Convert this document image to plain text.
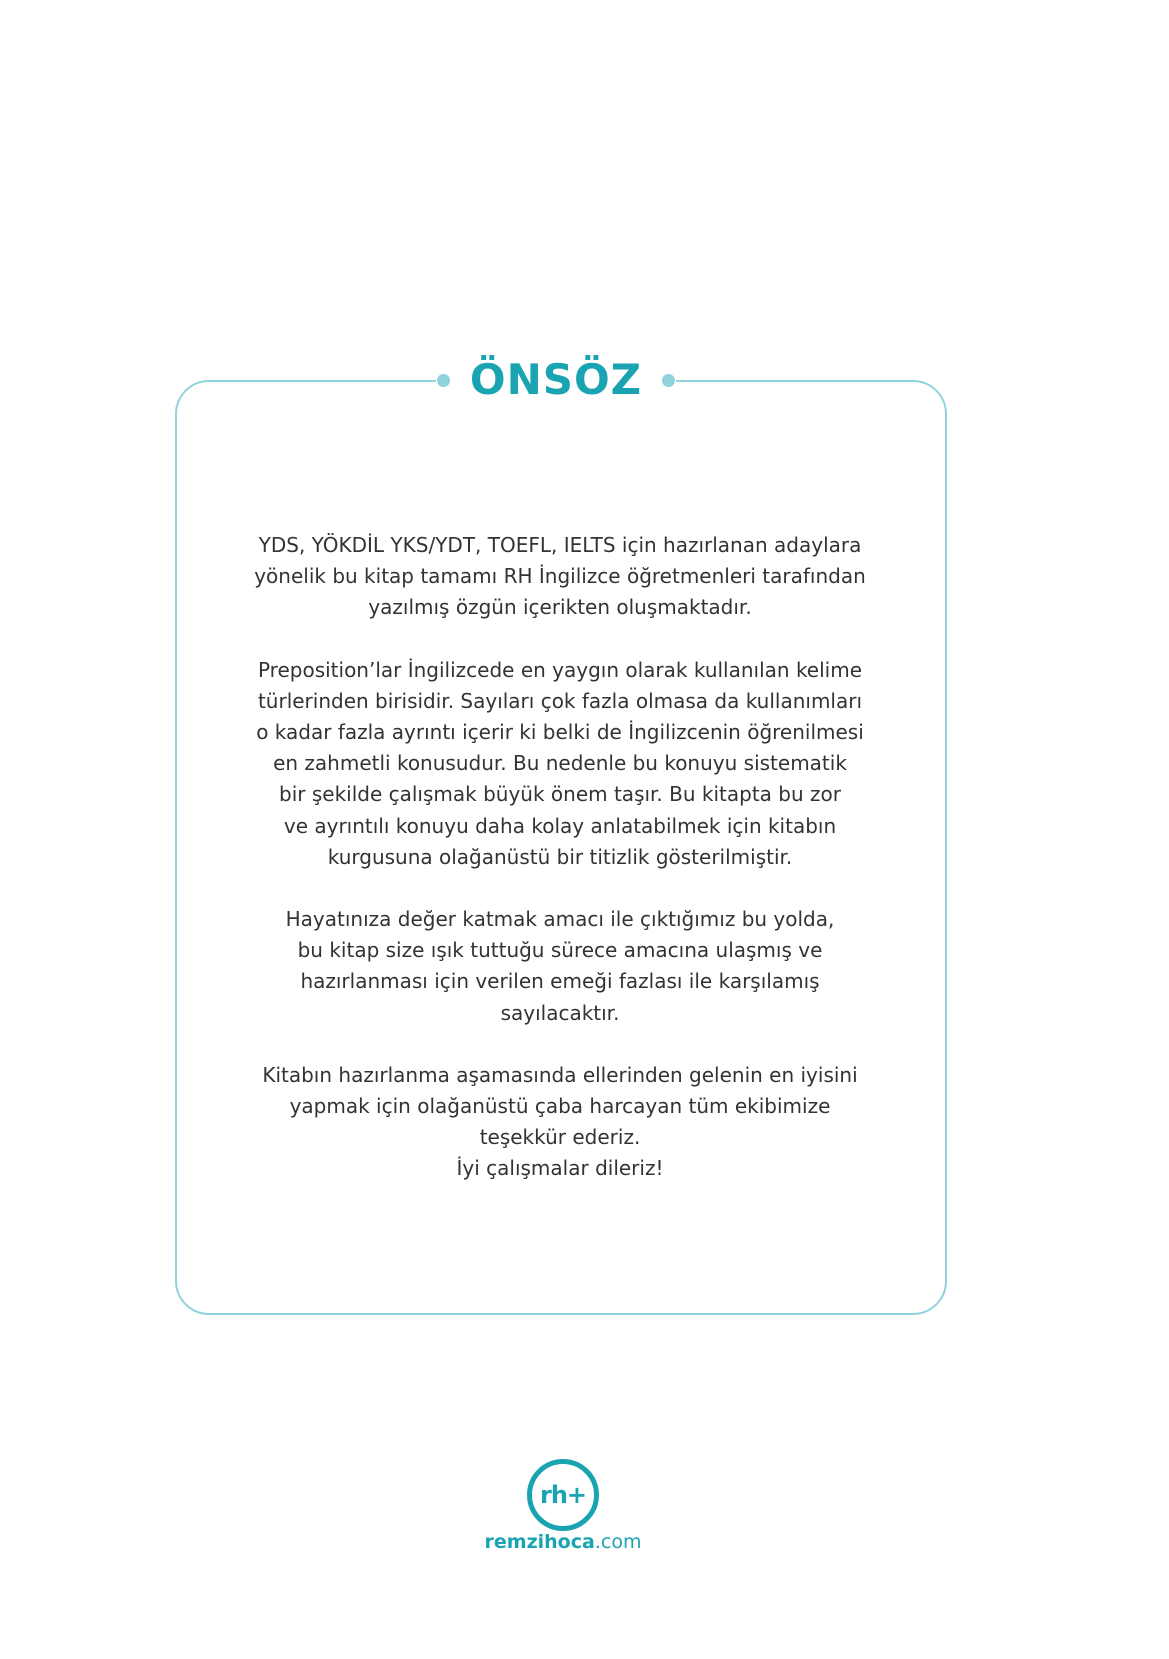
ÖNSÖZ

YDS, YÖKDİL YKS/YDT, TOEFL, IELTS için hazırlanan adaylara
yönelik bu kitap tamamı RH İngilizce öğretmenleri tarafından
yazılmış özgün içerikten oluşmaktadır.

Preposition’lar İngilizcede en yaygın olarak kullanılan kelime
türlerinden birisidir. Sayıları çok fazla olmasa da kullanımları
o kadar fazla ayrıntı içerir ki belki de İngilizcenin öğrenilmesi
en zahmetli konusudur. Bu nedenle bu konuyu sistematik
bir şekilde çalışmak büyük önem taşır. Bu kitapta bu zor
ve ayrıntılı konuyu daha kolay anlatabilmek için kitabın
kurgusuna olağanüstü bir titizlik gösterilmiştir.

Hayatınıza değer katmak amacı ile çıktığımız bu yolda,
bu kitap size ışık tuttuğu sürece amacına ulaşmış ve
hazırlanması için verilen emeği fazlası ile karşılamış
sayılacaktır.

Kitabın hazırlanma aşamasında ellerinden gelenin en iyisini
yapmak için olağanüstü çaba harcayan tüm ekibimize
teşekkür ederiz.
İyi çalışmalar dileriz!

rh+
remzihoca.com
